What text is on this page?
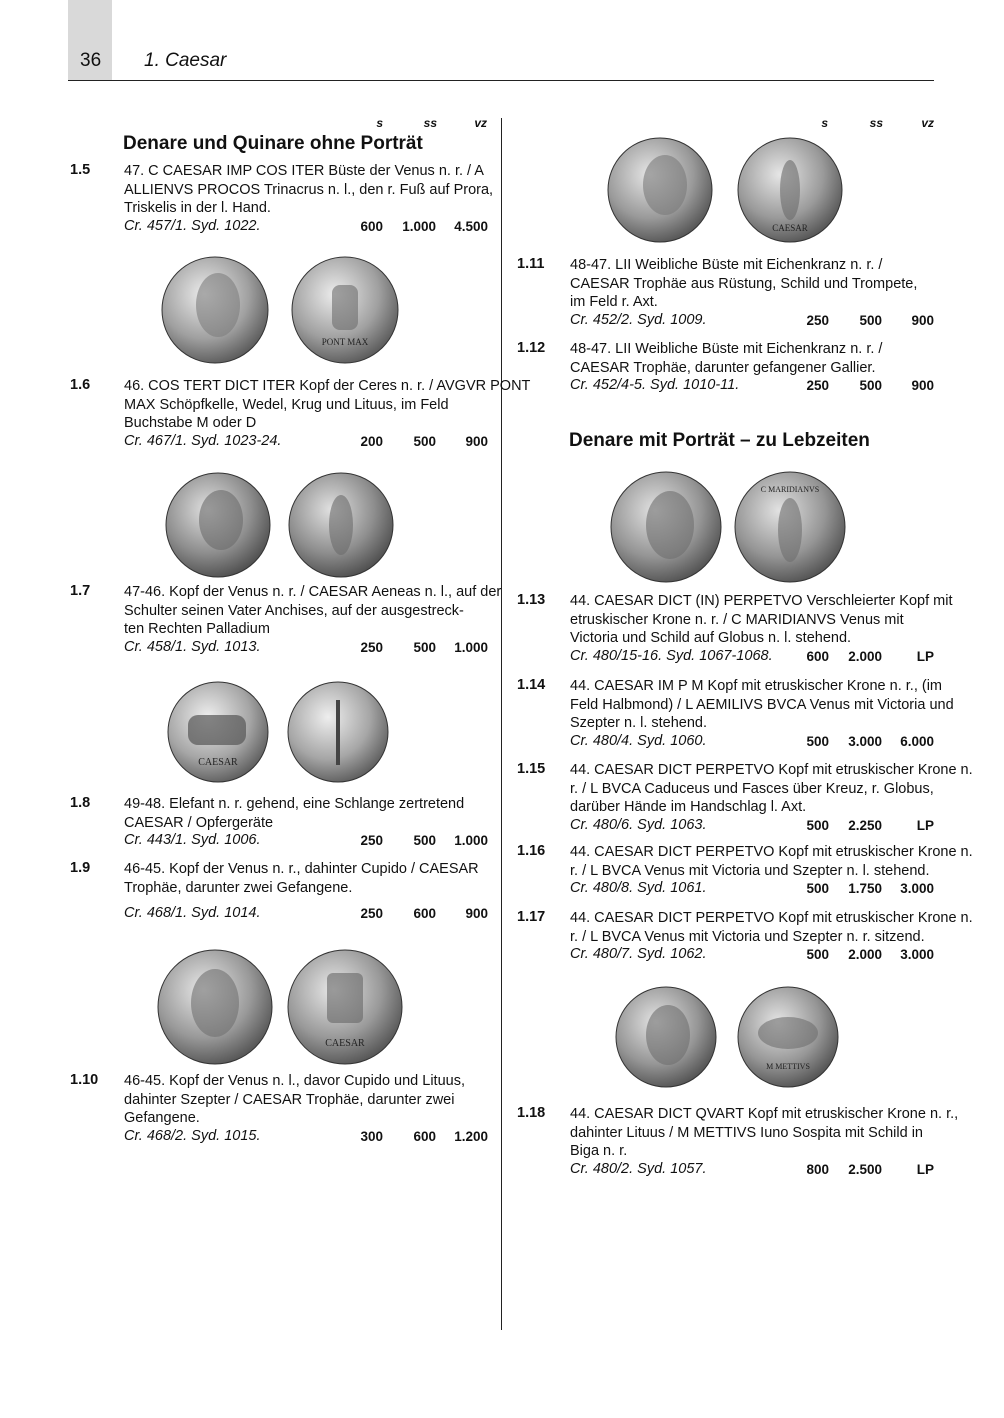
36 1. Caesar
s	ss	vz	s	ss	vz
Denare und Quinare ohne Porträt
Denare mit Porträt – zu Lebzeiten
1.5 47. C CAESAR IMP COS ITER Büste der Venus n. r. / A
ALLIENVS PROCOS Trinacrus n. l., den r. Fuß auf Prora,
Triskelis in der l. Hand.
Cr. 457/1. Syd. 1022.	600	1.000	4.500
1.6 46. COS TERT DICT ITER Kopf der Ceres n. r. / AVGVR PONT
MAX Schöpfkelle, Wedel, Krug und Lituus, im Feld
Buchstabe M oder D
Cr. 467/1. Syd. 1023-24.	200	500	900
1.7 47-46. Kopf der Venus n. r. / CAESAR Aeneas n. l., auf der
Schulter seinen Vater Anchises, auf der ausgestreck-
ten Rechten Palladium
Cr. 458/1. Syd. 1013.	250	500	1.000
1.8 49-48. Elefant n. r. gehend, eine Schlange zertretend
CAESAR / Opfergeräte
Cr. 443/1. Syd. 1006.	250	500	1.000
1.9 46-45. Kopf der Venus n. r., dahinter Cupido / CAESAR
Trophäe, darunter zwei Gefangene.
Cr. 468/1. Syd. 1014.	250	600	900
1.10 46-45. Kopf der Venus n. l., davor Cupido und Lituus,
dahinter Szepter / CAESAR Trophäe, darunter zwei
Gefangene.
Cr. 468/2. Syd. 1015.	300	600	1.200
1.11 48-47. LII Weibliche Büste mit Eichenkranz n. r. /
CAESAR Trophäe aus Rüstung, Schild und Trompete,
im Feld r. Axt.
Cr. 452/2. Syd. 1009.	250	500	900
1.12 48-47. LII Weibliche Büste mit Eichenkranz n. r. /
CAESAR Trophäe, darunter gefangener Gallier.
Cr. 452/4-5. Syd. 1010-11.	250	500	900
1.13 44. CAESAR DICT (IN) PERPETVO Verschleierter Kopf mit
etruskischer Krone n. r. / C MARIDIANVS Venus mit
Victoria und Schild auf Globus n. l. stehend.
Cr. 480/15-16. Syd. 1067-1068.	600	2.000	LP
1.14 44. CAESAR IM P M Kopf mit etruskischer Krone n. r., (im
Feld Halbmond) / L AEMILIVS BVCA Venus mit Victoria und
Szepter n. l. stehend.
Cr. 480/4. Syd. 1060.	500	3.000	6.000
1.15 44. CAESAR DICT PERPETVO Kopf mit etruskischer Krone n.
r. / L BVCA Caduceus und Fasces über Kreuz, r. Globus,
darüber Hände im Handschlag l. Axt.
Cr. 480/6. Syd. 1063.	500	2.250	LP
1.16 44. CAESAR DICT PERPETVO Kopf mit etruskischer Krone n.
r. / L BVCA Venus mit Victoria und Szepter n. l. stehend.
Cr. 480/8. Syd. 1061.	500	1.750	3.000
1.17 44. CAESAR DICT PERPETVO Kopf mit etruskischer Krone n.
r. / L BVCA Venus mit Victoria und Szepter n. r. sitzend.
Cr. 480/7. Syd. 1062.	500	2.000	3.000
1.18 44. CAESAR DICT QVART Kopf mit etruskischer Krone n. r.,
dahinter Lituus / M METTIVS Iuno Sospita mit Schild in
Biga n. r.
Cr. 480/2. Syd. 1057.	800	2.500	LP
CAESAR
PONT MAX
C MARIDIANVS
CAESAR
CAESAR
M METTIVS
